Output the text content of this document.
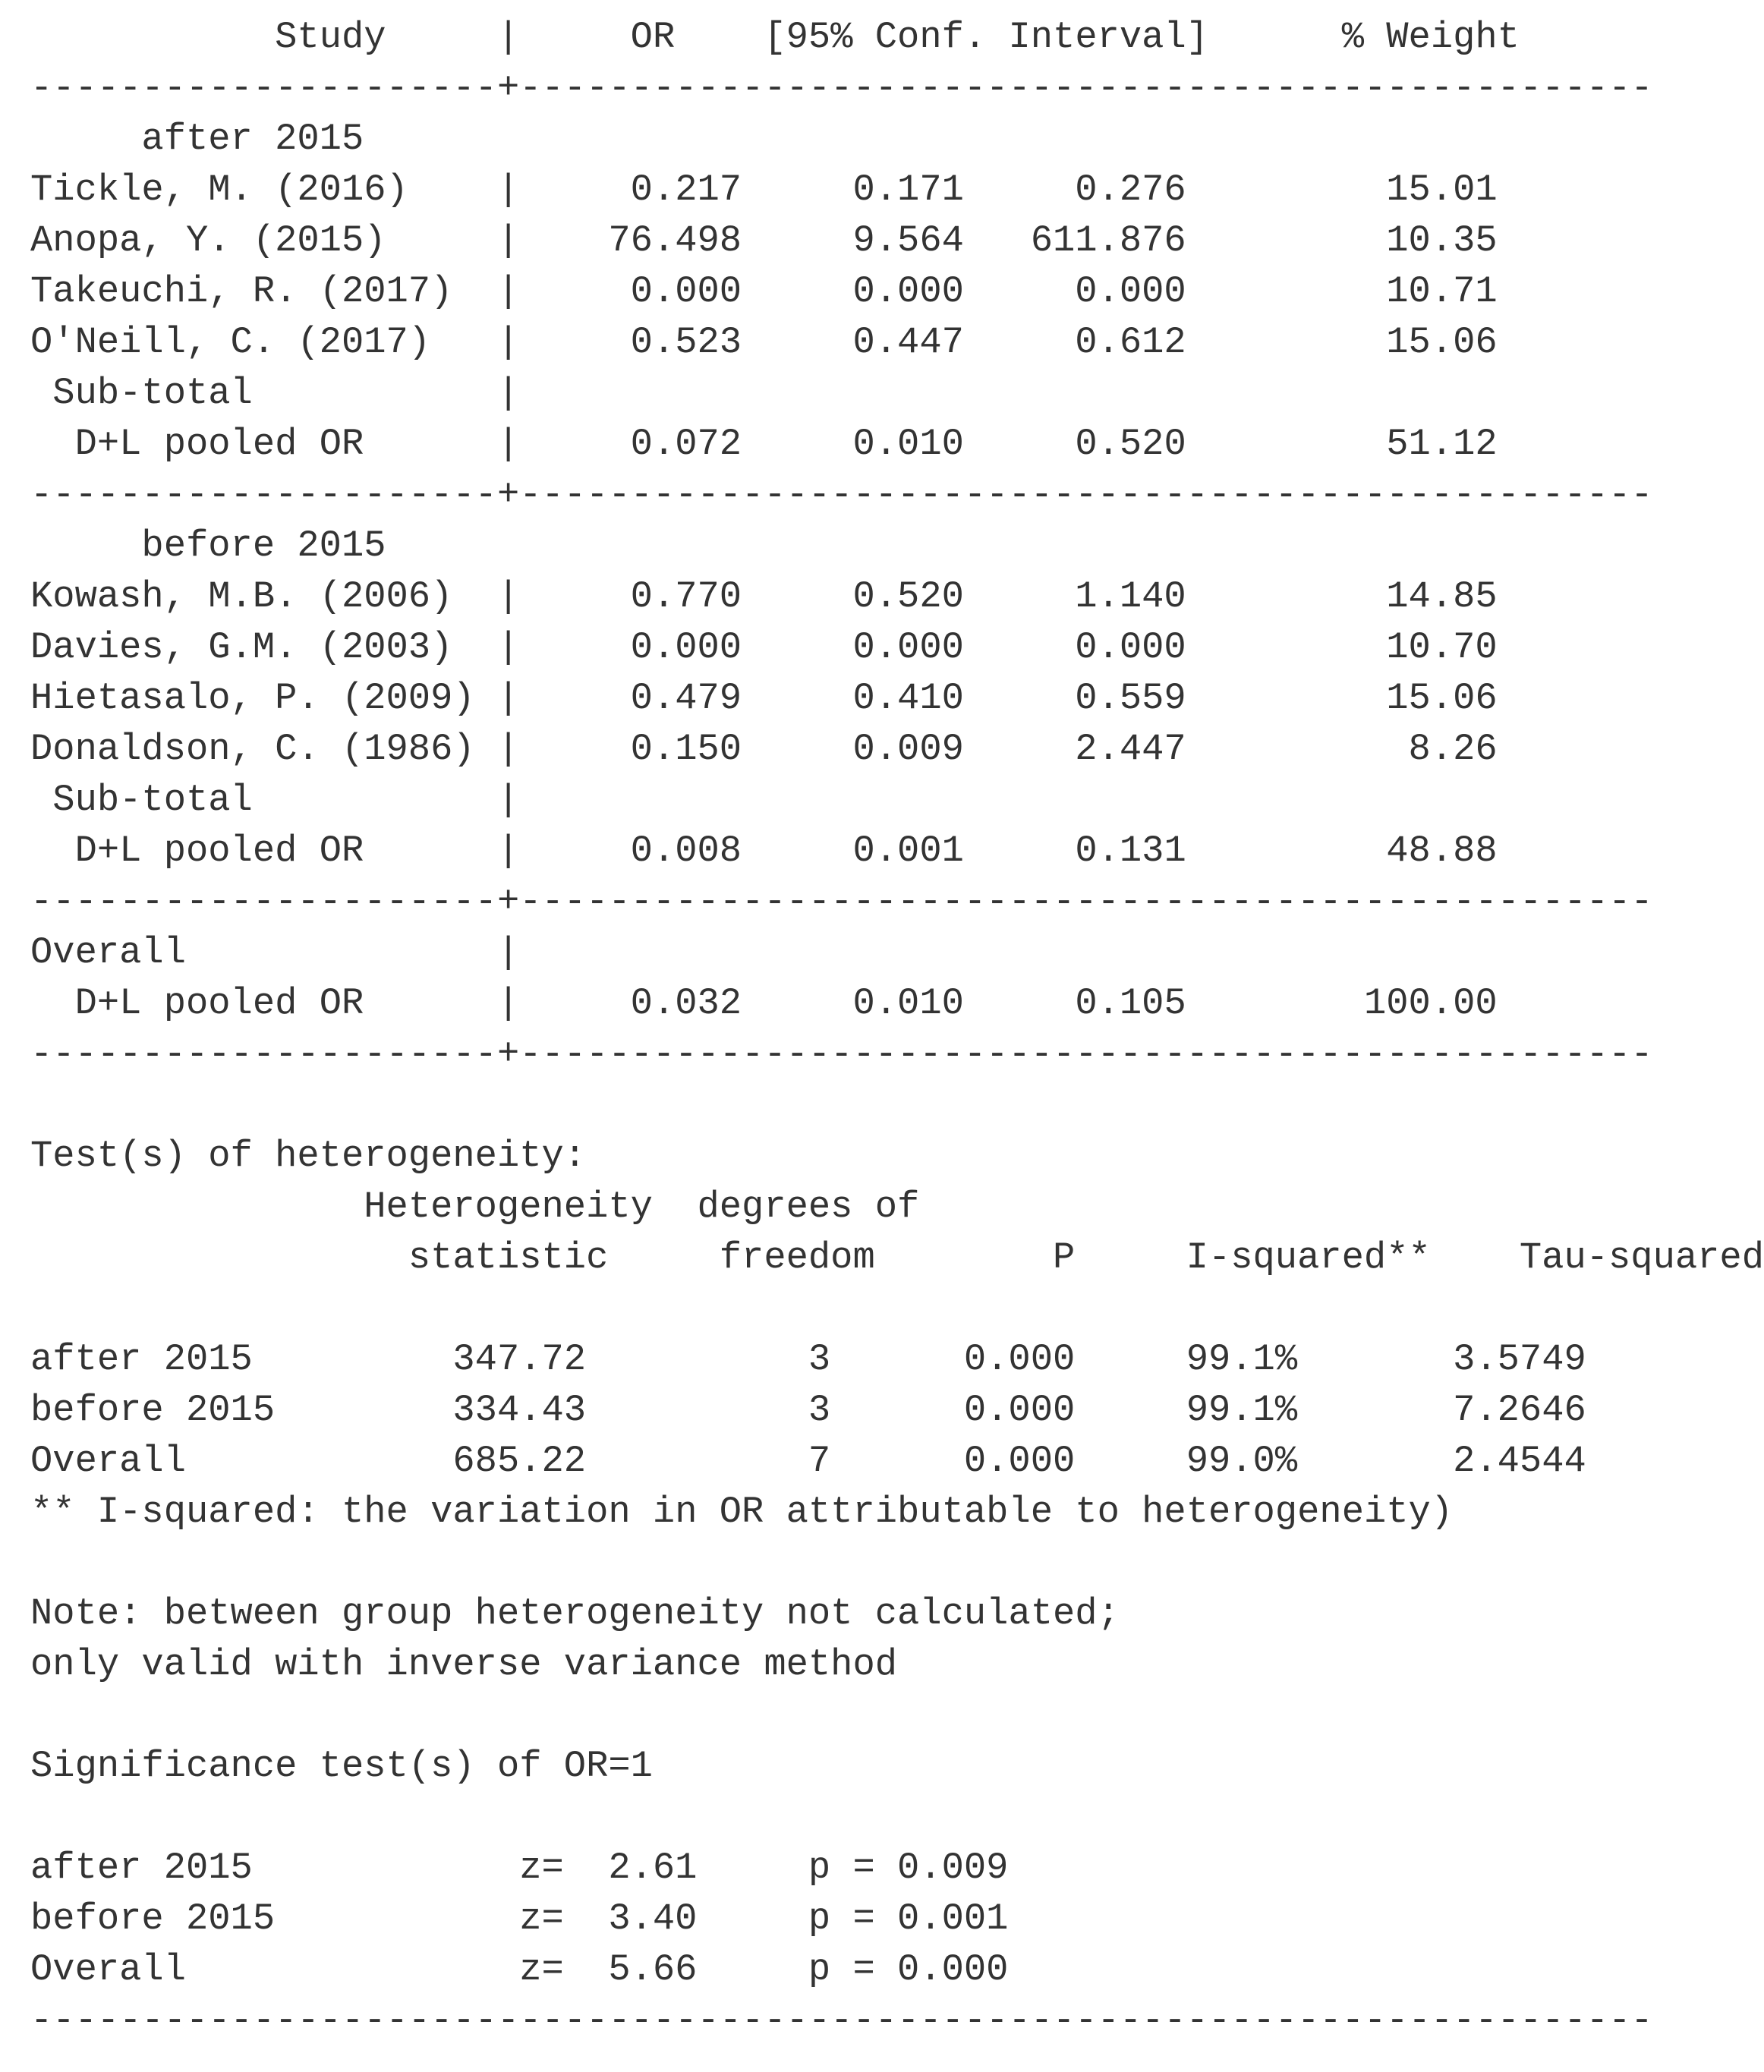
Study	|	OR [95% Conf. Interval]	% Weight
---------------------+---------------------------------------------------
after 2015
Tickle, M. (2016) |	0.217	0.171	0.276	15.01
Anopa, Y. (2015)	| 76.498	9.564 611.876	10.35
Takeuchi, R. (2017) |	0.000	0.000	0.000	10.71
O'Neill, C. (2017) |	0.523	0.447	0.612	15.06
Sub-total	|
D+L pooled OR	|	0.072	0.010	0.520	51.12
---------------------+---------------------------------------------------
before 2015
Kowash, M.B. (2006) |	0.770	0.520	1.140	14.85
Davies, G.M. (2003) |	0.000	0.000	0.000	10.70
Hietasalo, P. (2009) |	0.479	0.410	0.559	15.06
Donaldson, C. (1986) |	0.150	0.009	2.447	8.26
Sub-total	|
D+L pooled OR	|	0.008	0.001	0.131	48.88
---------------------+---------------------------------------------------
Overall	|
D+L pooled OR	|	0.032	0.010	0.105	100.00
---------------------+---------------------------------------------------
Test(s) of heterogeneity:
Heterogeneity degrees of
statistic	freedom	P	I-squared** Tau-squared
after 2015	347.72	3	0.000	99.1%	3.5749
before 2015	334.43	3	0.000	99.1%	7.2646
Overall	685.22	7	0.000	99.0%	2.4544
** I-squared: the variation in OR attributable to heterogeneity)
Note: between group heterogeneity not calculated;
only valid with inverse variance method
Significance test(s) of OR=1
after 2015	z= 2.61	p = 0.009
before 2015	z= 3.40	p = 0.001
Overall	z= 5.66	p = 0.000
-------------------------------------------------------------------------
